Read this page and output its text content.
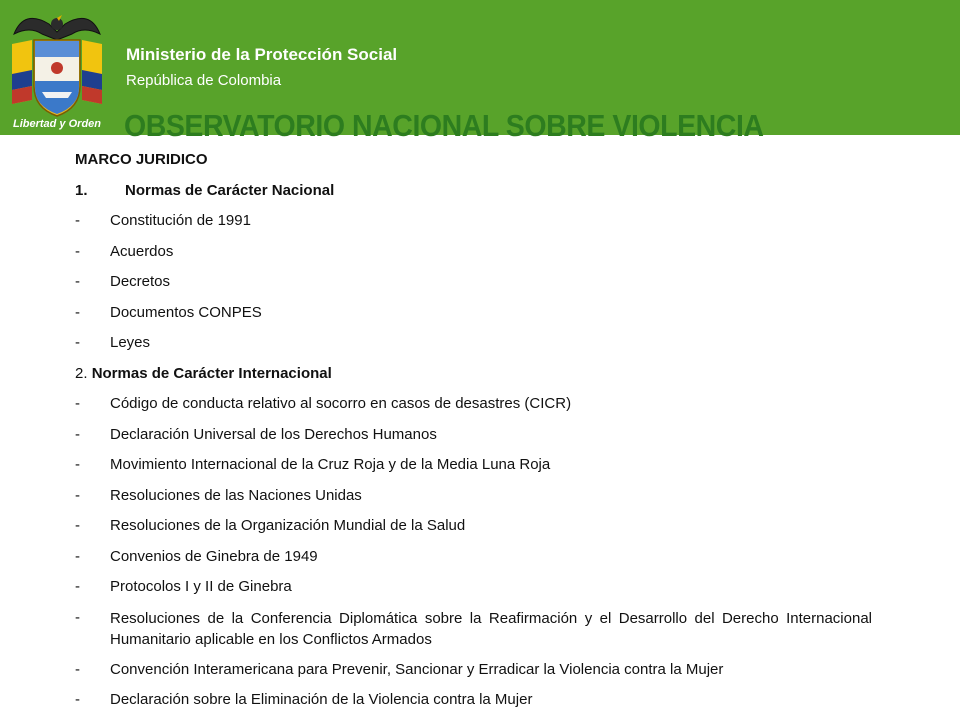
Libertad y Orden
Ministerio de la Protección Social
República de Colombia
OBSERVATORIO NACIONAL SOBRE VIOLENCIA
MARCO JURIDICO
1.	Normas de Carácter Nacional
-	Constitución de 1991
-	Acuerdos
-	Decretos
-	Documentos CONPES
-	Leyes
2. Normas de Carácter Internacional
-	Código de conducta relativo al socorro en casos de desastres (CICR)
-	Declaración Universal de los Derechos Humanos
-	Movimiento Internacional de la Cruz Roja y de la Media Luna Roja
-	Resoluciones de las Naciones Unidas
-	Resoluciones de la Organización Mundial de la Salud
-	Convenios de Ginebra de 1949
-	Protocolos I y II de Ginebra
-	Resoluciones de la Conferencia Diplomática sobre la Reafirmación y el Desarrollo del Derecho Internacional Humanitario aplicable en los Conflictos Armados
-	Convención Interamericana para Prevenir, Sancionar y Erradicar la Violencia contra la Mujer
-	Declaración sobre la Eliminación de la Violencia contra la Mujer
